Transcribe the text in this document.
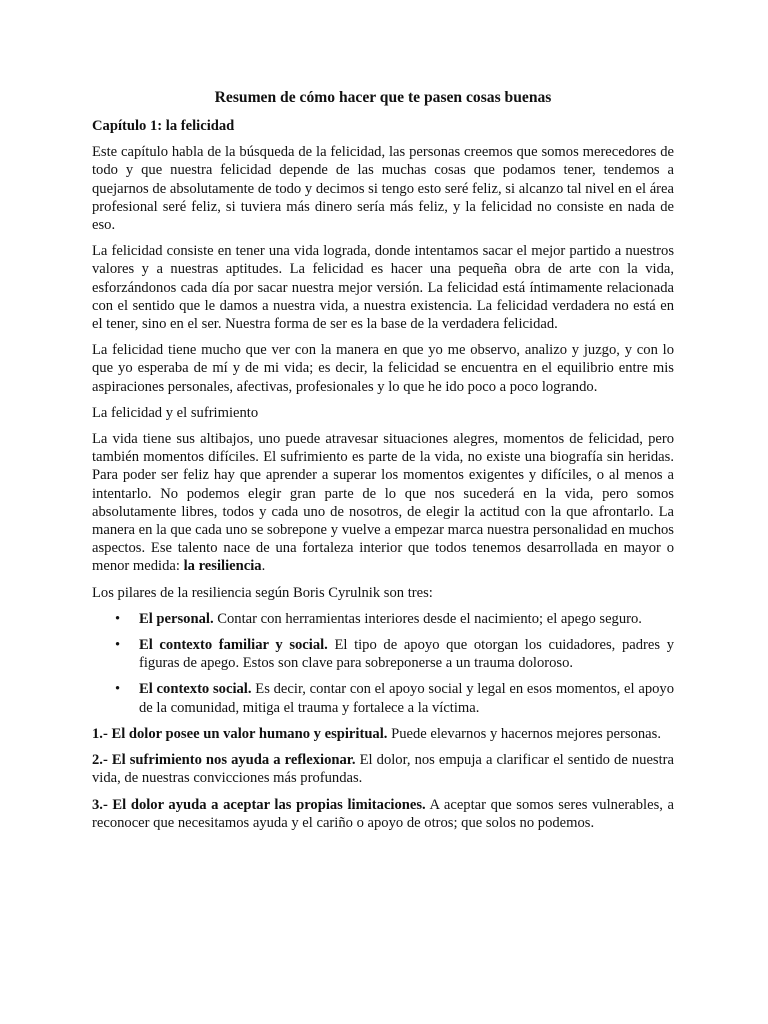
Resumen de cómo hacer que te pasen cosas buenas
Capítulo 1: la felicidad

Este capítulo habla de la búsqueda de la felicidad, las personas creemos que somos merecedores de todo y que nuestra felicidad depende de las muchas cosas que podamos tener, tendemos a quejarnos de absolutamente de todo y decimos si tengo esto seré feliz, si alcanzo tal nivel en el área profesional seré feliz, si tuviera más dinero sería más feliz, y la felicidad no consiste en nada de eso.

La felicidad consiste en tener una vida lograda, donde intentamos sacar el mejor partido a nuestros valores y a nuestras aptitudes. La felicidad es hacer una pequeña obra de arte con la vida, esforzándonos cada día por sacar nuestra mejor versión. La felicidad está íntimamente relacionada con el sentido que le damos a nuestra vida, a nuestra existencia. La felicidad verdadera no está en el tener, sino en el ser. Nuestra forma de ser es la base de la verdadera felicidad.

La felicidad tiene mucho que ver con la manera en que yo me observo, analizo y juzgo, y con lo que yo esperaba de mí y de mi vida; es decir, la felicidad se encuentra en el equilibrio entre mis aspiraciones personales, afectivas, profesionales y lo que he ido poco a poco logrando.

La felicidad y el sufrimiento

La vida tiene sus altibajos, uno puede atravesar situaciones alegres, momentos de felicidad, pero también momentos difíciles. El sufrimiento es parte de la vida, no existe una biografía sin heridas. Para poder ser feliz hay que aprender a superar los momentos exigentes y difíciles, o al menos a intentarlo. No podemos elegir gran parte de lo que nos sucederá en la vida, pero somos absolutamente libres, todos y cada uno de nosotros, de elegir la actitud con la que afrontarlo. La manera en la que cada uno se sobrepone y vuelve a empezar marca nuestra personalidad en muchos aspectos. Ese talento nace de una fortaleza interior que todos tenemos desarrollada en mayor o menor medida: la resiliencia.

Los pilares de la resiliencia según Boris Cyrulnik son tres:

• El personal. Contar con herramientas interiores desde el nacimiento; el apego seguro.
• El contexto familiar y social. El tipo de apoyo que otorgan los cuidadores, padres y figuras de apego. Estos son clave para sobreponerse a un trauma doloroso.
• El contexto social. Es decir, contar con el apoyo social y legal en esos momentos, el apoyo de la comunidad, mitiga el trauma y fortalece a la víctima.

1.- El dolor posee un valor humano y espiritual. Puede elevarnos y hacernos mejores personas.

2.- El sufrimiento nos ayuda a reflexionar. El dolor, nos empuja a clarificar el sentido de nuestra vida, de nuestras convicciones más profundas.

3.- El dolor ayuda a aceptar las propias limitaciones. A aceptar que somos seres vulnerables, a reconocer que necesitamos ayuda y el cariño o apoyo de otros; que solos no podemos.
